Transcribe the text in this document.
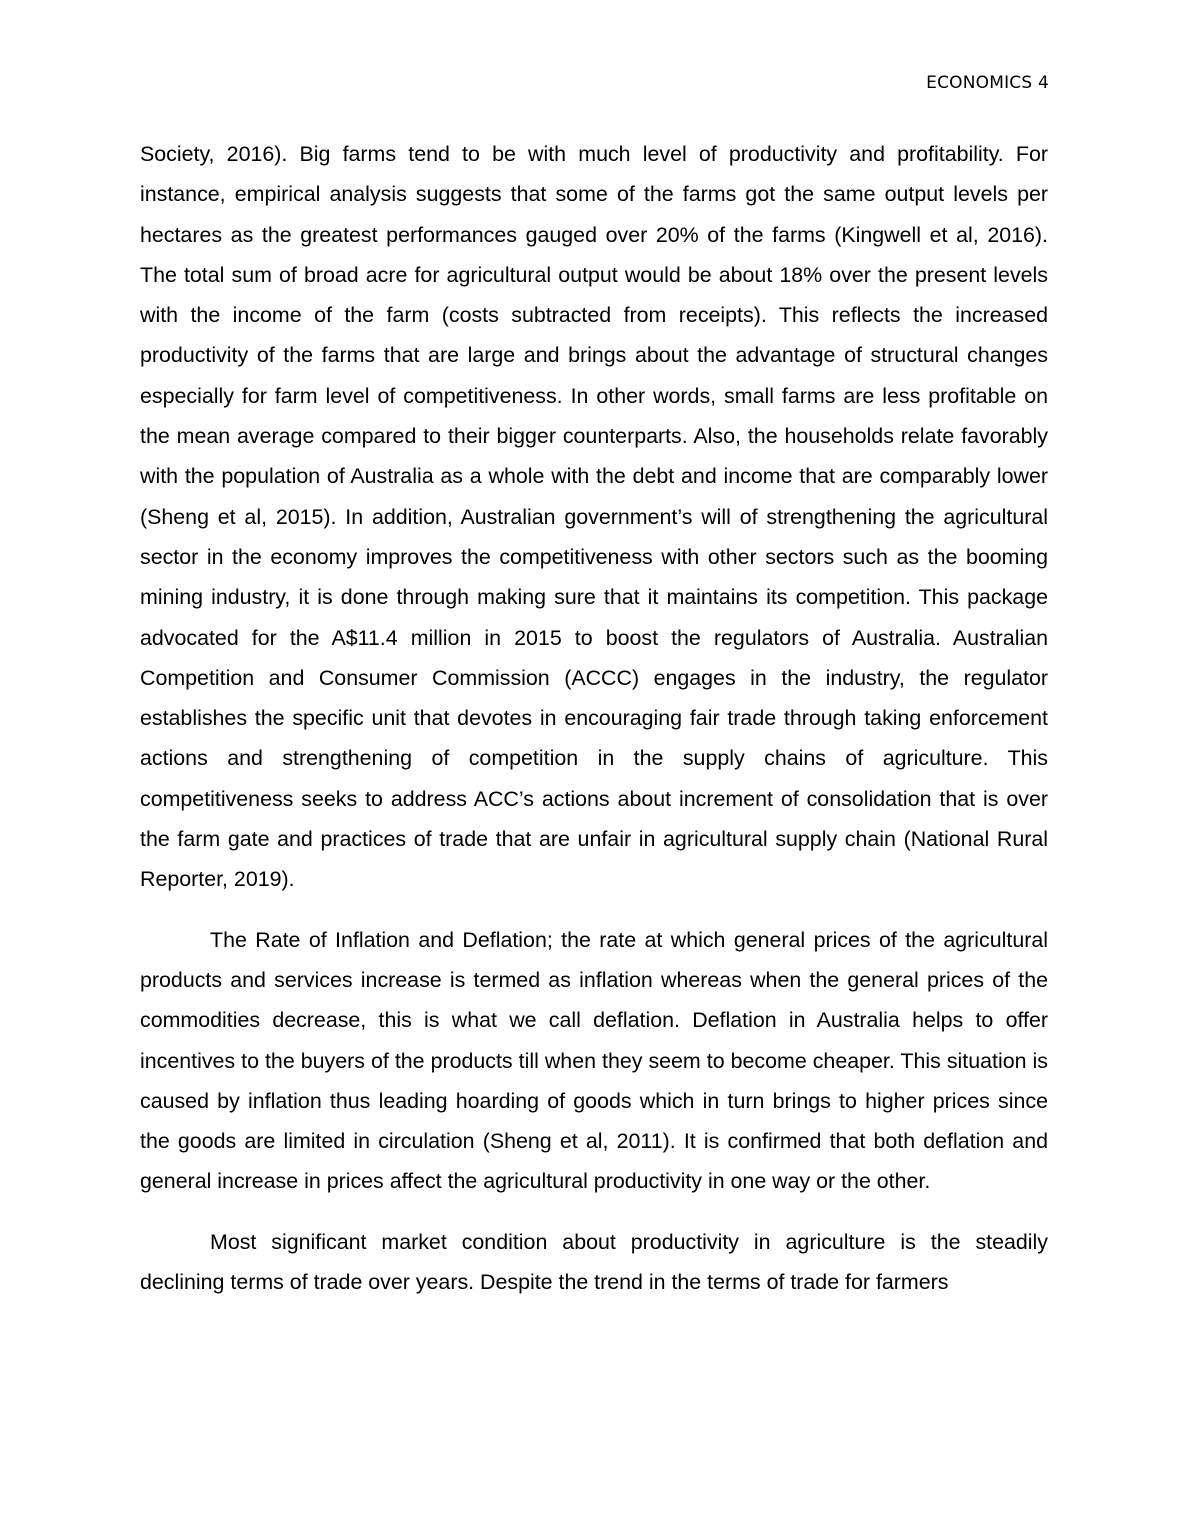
ECONOMICS 4

Society, 2016). Big farms tend to be with much level of productivity and profitability. For instance, empirical analysis suggests that some of the farms got the same output levels per hectares as the greatest performances gauged over 20% of the farms (Kingwell et al, 2016). The total sum of broad acre for agricultural output would be about 18% over the present levels with the income of the farm (costs subtracted from receipts). This reflects the increased productivity of the farms that are large and brings about the advantage of structural changes especially for farm level of competitiveness. In other words, small farms are less profitable on the mean average compared to their bigger counterparts. Also, the households relate favorably with the population of Australia as a whole with the debt and income that are comparably lower (Sheng et al, 2015). In addition, Australian government’s will of strengthening the agricultural sector in the economy improves the competitiveness with other sectors such as the booming mining industry, it is done through making sure that it maintains its competition. This package advocated for the A$11.4 million in 2015 to boost the regulators of Australia. Australian Competition and Consumer Commission (ACCC) engages in the industry, the regulator establishes the specific unit that devotes in encouraging fair trade through taking enforcement actions and strengthening of competition in the supply chains of agriculture. This competitiveness seeks to address ACC’s actions about increment of consolidation that is over the farm gate and practices of trade that are unfair in agricultural supply chain (National Rural Reporter, 2019).

The Rate of Inflation and Deflation; the rate at which general prices of the agricultural products and services increase is termed as inflation whereas when the general prices of the commodities decrease, this is what we call deflation. Deflation in Australia helps to offer incentives to the buyers of the products till when they seem to become cheaper. This situation is caused by inflation thus leading hoarding of goods which in turn brings to higher prices since the goods are limited in circulation (Sheng et al, 2011). It is confirmed that both deflation and general increase in prices affect the agricultural productivity in one way or the other.

Most significant market condition about productivity in agriculture is the steadily declining terms of trade over years. Despite the trend in the terms of trade for farmers
